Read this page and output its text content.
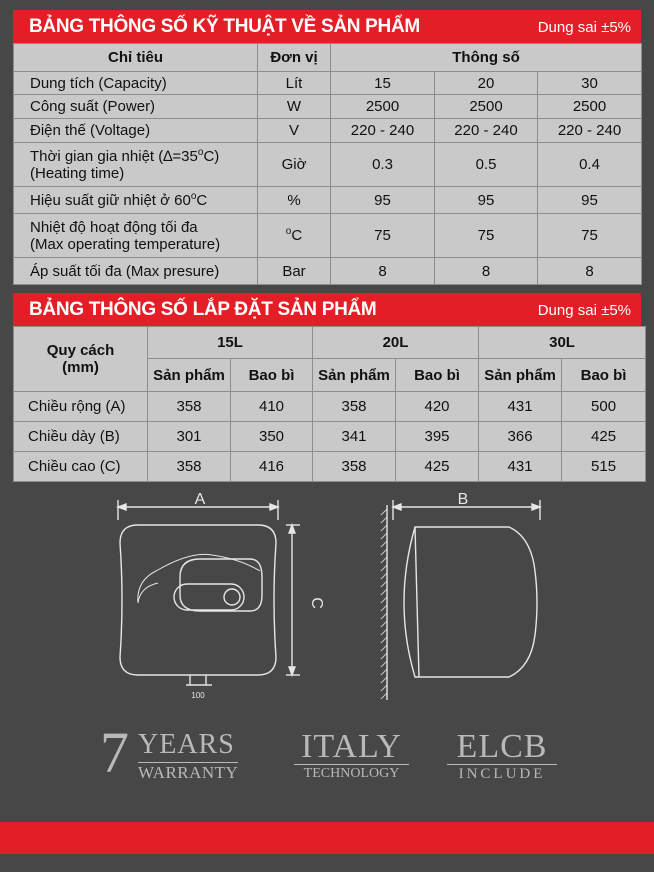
BẢNG THÔNG SỐ KỸ THUẬT VỀ SẢN PHẨM	Dung sai ±5%
Chỉ tiêu	Đơn vị	Thông số		
Dung tích (Capacity)	Lít	15	20	30
Công suất (Power)	W	2500	2500	2500
Điện thế (Voltage)	V	220 - 240	220 - 240	220 - 240

Thời gian gia nhiệt $(\Delta=35^oC)$
(Heating time)	Giờ	0.3	0.5	0.4
Hiệu suất giữ nhiệt ở 60$^o$C	%	95	95	95

Nhiệt độ hoạt động tối đa
(Max operating temperature)	$^o$C	75	75	75
Áp suất tối đa (Max presure)	Bar	8	8	8
BẢNG THÔNG SỐ LẮP ĐẶT SẢN PHẨM	Dung sai ±5%
Quy cách
(mm)	15L		20L		30L	
	Sản phẩm	Bao bì	Sản phẩm	Bao bì	Sản phẩm	Bao bì
Chiều rộng (A)	358	410	358	420	431	500
Chiều dày (B)	301	350	341	395	366	425
Chiều cao (C)	358	416	358	425	431	515
A
C
100
B
7 YEARS
WARRANTY
ITALY
TECHNOLOGY
ELCB
INCLUDE
